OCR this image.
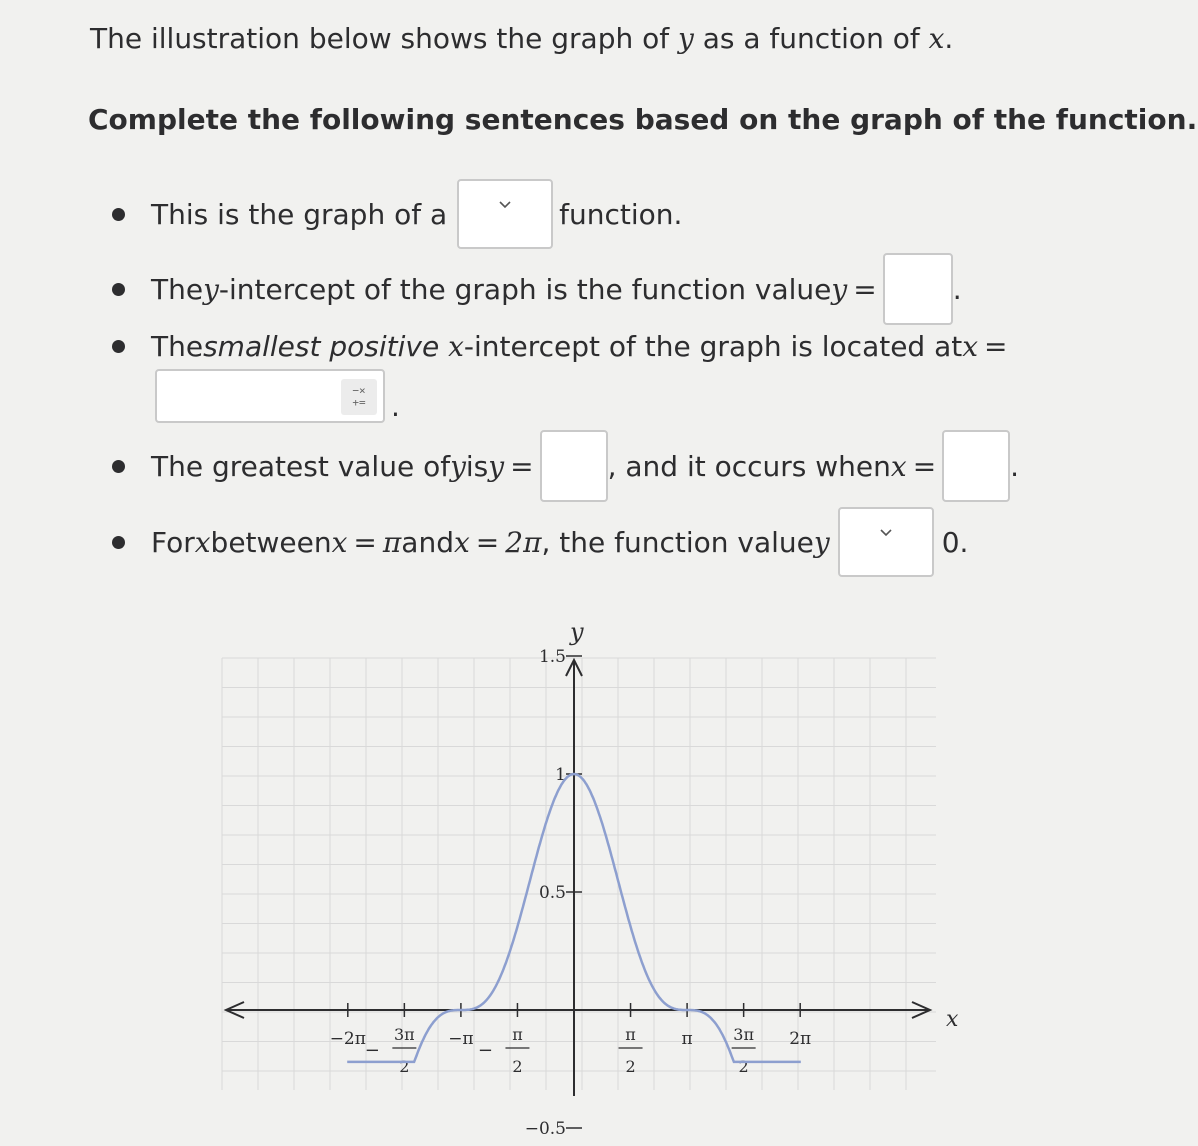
The illustration below shows the graph of y as a function of x.
Complete the following sentences based on the graph of the function.
This is the graph of a	function.
The y -intercept of the graph is the function value y =	.
The smallest positive
x -intercept of the graph is located at x =
−×
+= .
The greatest value of y is y =	, and it occurs when x =	.
For x between x = π and x = 2π , the function value y	0.
−2π
−
3π
2
−π
−
π
2
π
2
π	3π
2
2π
1.5
1
0.5
−0.5
y
x
